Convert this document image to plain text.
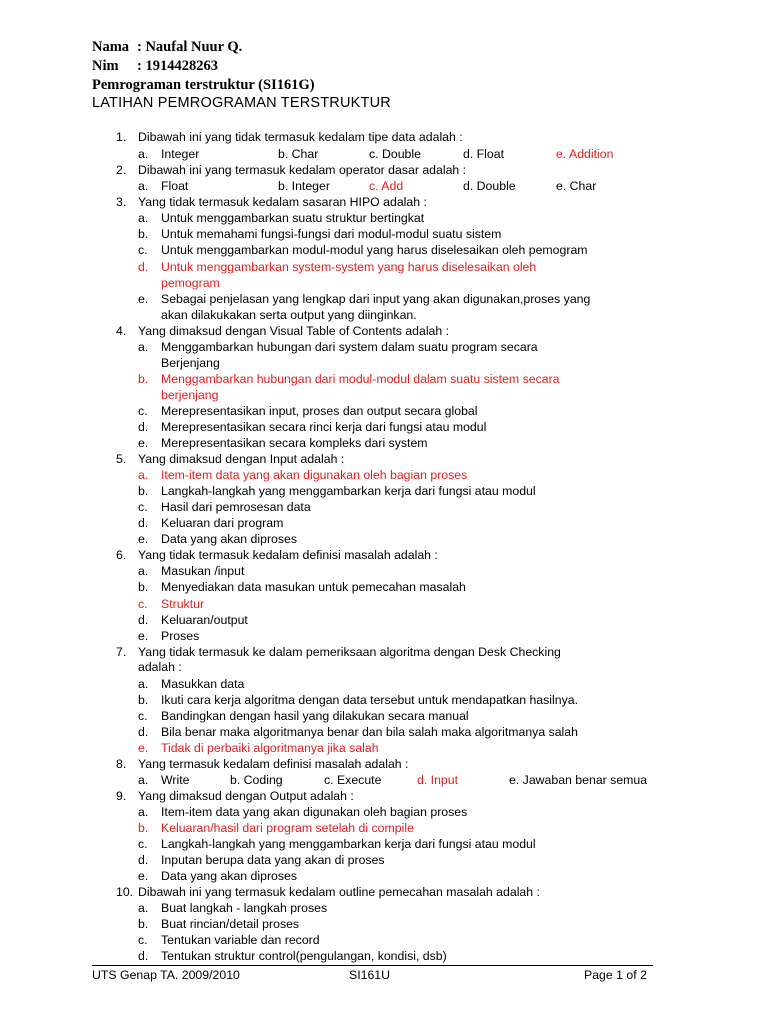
Nama : Naufal Nuur Q.
Nim : 1914428263
Pemrograman terstruktur (SI161G)
LATIHAN PEMROGRAMAN TERSTRUKTUR
1. Dibawah ini yang tidak termasuk kedalam tipe data adalah :
a. Integer	b. Char	c. Double	d. Float	e. Addition
2. Dibawah ini yang termasuk kedalam operator dasar adalah :
a. Float	b. Integer	c. Add	d. Double	e. Char
3. Yang tidak termasuk kedalam sasaran HIPO adalah :
a. Untuk menggambarkan suatu struktur bertingkat
b. Untuk memahami fungsi-fungsi dari modul-modul suatu sistem
c. Untuk menggambarkan modul-modul yang harus diselesaikan oleh pemogram
d. Untuk menggambarkan system-system yang harus diselesaikan oleh
pemogram
e. Sebagai penjelasan yang lengkap dari input yang akan digunakan,proses yang
akan dilakukakan serta output yang diinginkan.
4. Yang dimaksud dengan Visual Table of Contents adalah :
a. Menggambarkan hubungan dari system dalam suatu program secara
Berjenjang
b. Menggambarkan hubungan dari modul-modul dalam suatu sistem secara
berjenjang
c. Merepresentasikan input, proses dan output secara global
d. Merepresentasikan secara rinci kerja dari fungsi atau modul
e. Merepresentasikan secara kompleks dari system
5. Yang dimaksud dengan Input adalah :
a. Item-item data yang akan digunakan oleh bagian proses
b. Langkah-langkah yang menggambarkan kerja dari fungsi atau modul
c. Hasil dari pemrosesan data
d. Keluaran dari program
e. Data yang akan diproses
6. Yang tidak termasuk kedalam definisi masalah adalah :
a. Masukan /input
b. Menyediakan data masukan untuk pemecahan masalah
c. Struktur
d. Keluaran/output
e. Proses
7. Yang tidak termasuk ke dalam pemeriksaan algoritma dengan Desk Checking
adalah :
a. Masukkan data
b. Ikuti cara kerja algoritma dengan data tersebut untuk mendapatkan hasilnya.
c. Bandingkan dengan hasil yang dilakukan secara manual
d. Bila benar maka algoritmanya benar dan bila salah maka algoritmanya salah
e. Tidak di perbaiki algoritmanya jika salah
8. Yang termasuk kedalam definisi masalah adalah :
a. Write	b. Coding	c. Execute	d. Input	e. Jawaban benar semua
9. Yang dimaksud dengan Output adalah :
a. Item-item data yang akan digunakan oleh bagian proses
b. Keluaran/hasil dari program setelah di compile
c. Langkah-langkah yang menggambarkan kerja dari fungsi atau modul
d. Inputan berupa data yang akan di proses
e. Data yang akan diproses
10. Dibawah ini yang termasuk kedalam outline pemecahan masalah adalah :
a. Buat langkah - langkah proses
b. Buat rincian/detail proses
c. Tentukan variable dan record
d. Tentukan struktur control(pengulangan, kondisi, dsb)
UTS Genap TA. 2009/2010	SI161U	Page 1 of 2
